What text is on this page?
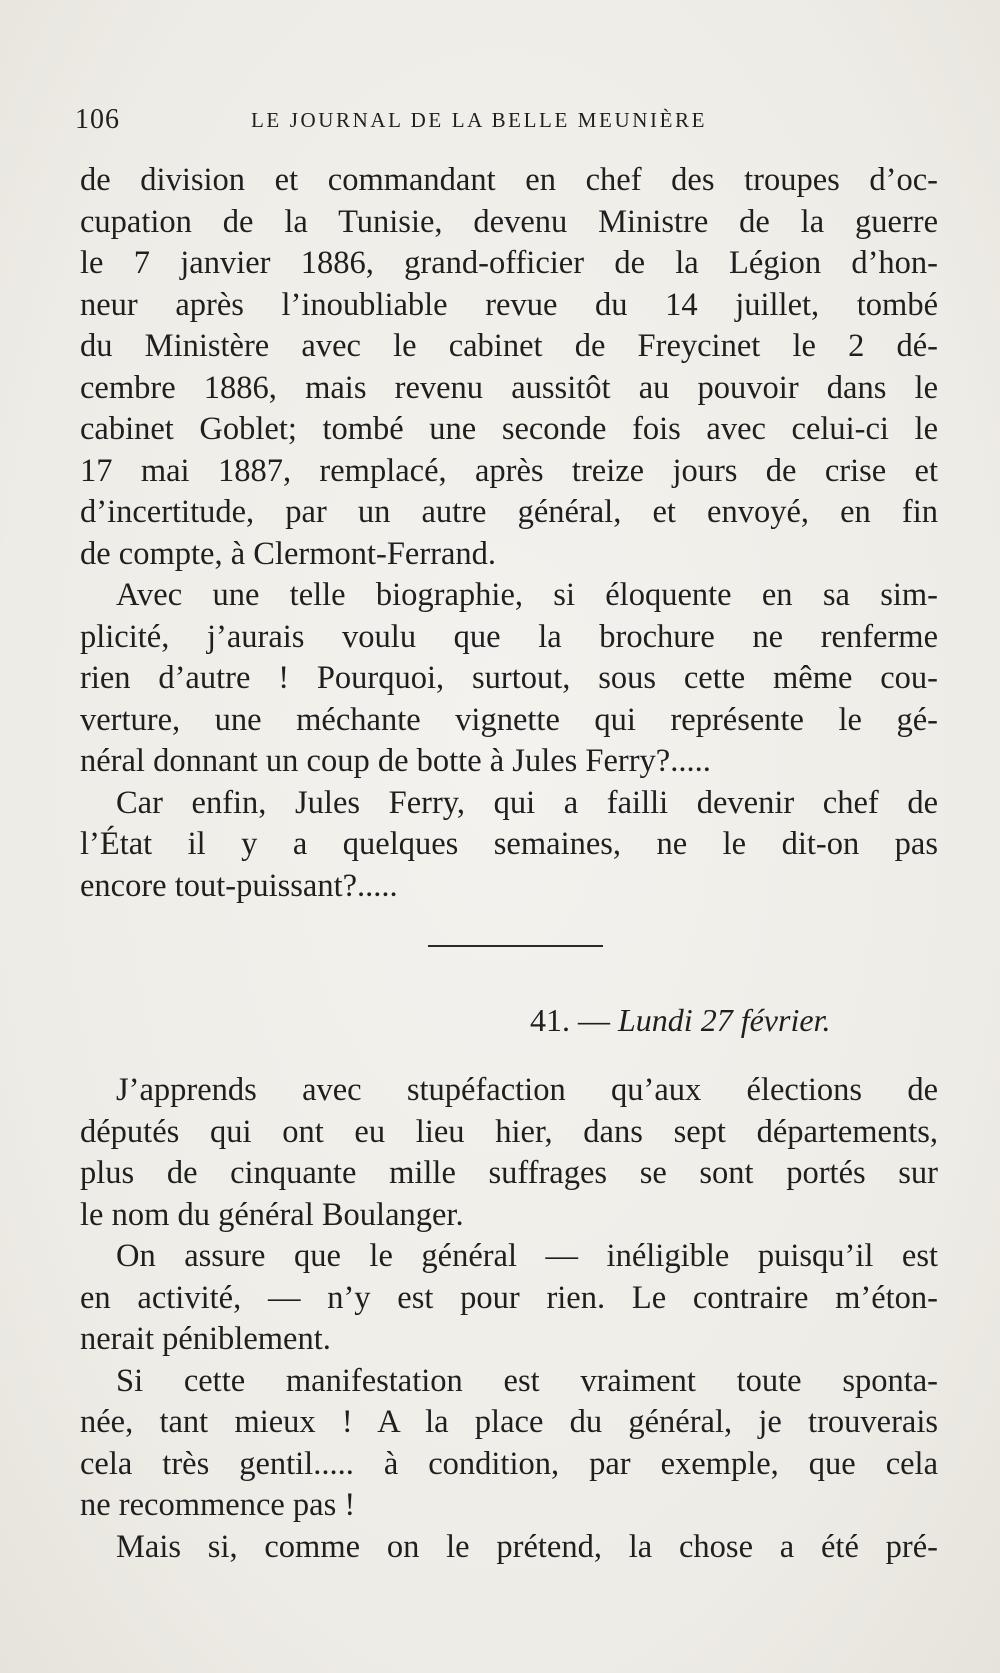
106	LE JOURNAL DE LA BELLE MEUNIÈRE
de division et commandant en chef des troupes d’oc-
cupation de la Tunisie, devenu Ministre de la guerre
le 7 janvier 1886, grand-officier de la Légion d’hon-
neur après l’inoubliable revue du 14 juillet, tombé
du Ministère avec le cabinet de Freycinet le 2 dé-
cembre 1886, mais revenu aussitôt au pouvoir dans le
cabinet Goblet; tombé une seconde fois avec celui-ci le
17 mai 1887, remplacé, après treize jours de crise et
d’incertitude, par un autre général, et envoyé, en fin
de compte, à Clermont-Ferrand.
Avec une telle biographie, si éloquente en sa sim-
plicité, j’aurais voulu que la brochure ne renferme
rien d’autre ! Pourquoi, surtout, sous cette même cou-
verture, une méchante vignette qui représente le gé-
néral donnant un coup de botte à Jules Ferry?.....
Car enfin, Jules Ferry, qui a failli devenir chef de
l’État il y a quelques semaines, ne le dit-on pas
encore tout-puissant?.....
41. — Lundi 27 février.
J’apprends avec stupéfaction qu’aux élections de
députés qui ont eu lieu hier, dans sept départements,
plus de cinquante mille suffrages se sont portés sur
le nom du général Boulanger.
On assure que le général — inéligible puisqu’il est
en activité, — n’y est pour rien. Le contraire m’éton-
nerait péniblement.
Si cette manifestation est vraiment toute sponta-
née, tant mieux ! A la place du général, je trouverais
cela très gentil..... à condition, par exemple, que cela
ne recommence pas !
Mais si, comme on le prétend, la chose a été pré-
